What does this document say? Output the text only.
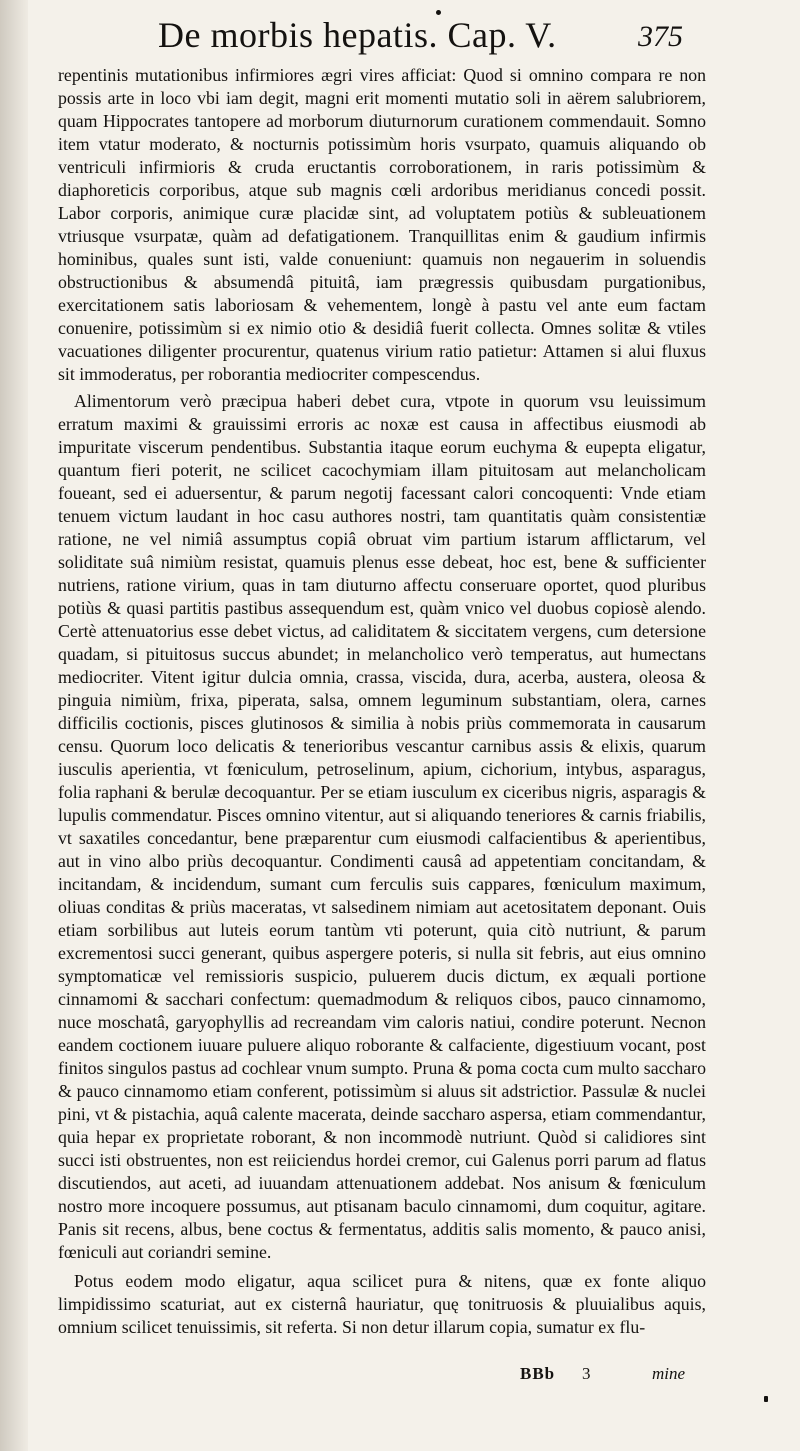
De morbis hepatis. Cap. V.	375

repentinis mutationibus infirmiores ægri vires afficiat: Quod si omnino compara re non possis arte in loco vbi iam degit, magni erit momenti mutatio soli in aërem salubriorem, quam Hippocrates tantopere ad morborum diuturnorum curationem commendauit. Somno item vtatur moderato, & nocturnis potissimùm horis vsurpato, quamuis aliquando ob ventriculi infirmioris & cruda eructantis corroborationem, in raris potissimùm & diaphoreticis corporibus, atque sub magnis cœli ardoribus meridianus concedi possit. Labor corporis, animique curæ placidæ sint, ad voluptatem potiùs & subleuationem vtriusque vsurpatæ, quàm ad defatigationem. Tranquillitas enim & gaudium infirmis hominibus, quales sunt isti, valde conueniunt: quamuis non negauerim in soluendis obstructionibus & absumendâ pituitâ, iam prægressis quibusdam purgationibus, exercitationem satis laboriosam & vehementem, longè à pastu vel ante eum factam conuenire, potissimùm si ex nimio otio & desidiâ fuerit collecta. Omnes solitæ & vtiles vacuationes diligenter procurentur, quatenus virium ratio patietur: Attamen si alui fluxus sit immoderatus, per roborantia mediocriter compescendus.

Alimentorum verò præcipua haberi debet cura, vtpote in quorum vsu leuissimum erratum maximi & grauissimi erroris ac noxæ est causa in affectibus eiusmodi ab impuritate viscerum pendentibus. Substantia itaque eorum euchyma & eupepta eligatur, quantum fieri poterit, ne scilicet cacochymiam illam pituitosam aut melancholicam foueant, sed ei aduersentur, & parum negotij facessant calori concoquenti: Vnde etiam tenuem victum laudant in hoc casu authores nostri, tam quantitatis quàm consistentiæ ratione, ne vel nimiâ assumptus copiâ obruat vim partium istarum afflictarum, vel soliditate suâ nimiùm resistat, quamuis plenus esse debeat, hoc est, bene & sufficienter nutriens, ratione virium, quas in tam diuturno affectu conseruare oportet, quod pluribus potiùs & quasi partitis pastibus assequendum est, quàm vnico vel duobus copiosè alendo. Certè attenuatorius esse debet victus, ad caliditatem & siccitatem vergens, cum detersione quadam, si pituitosus succus abundet; in melancholico verò temperatus, aut humectans mediocriter. Vitent igitur dulcia omnia, crassa, viscida, dura, acerba, austera, oleosa & pinguia nimiùm, frixa, piperata, salsa, omnem leguminum substantiam, olera, carnes difficilis coctionis, pisces glutinosos & similia à nobis priùs commemorata in causarum censu. Quorum loco delicatis & tenerioribus vescantur carnibus assis & elixis, quarum iusculis aperientia, vt fœniculum, petroselinum, apium, cichorium, intybus, asparagus, folia raphani & berulæ decoquantur. Per se etiam iusculum ex ciceribus nigris, asparagis & lupulis commendatur. Pisces omnino vitentur, aut si aliquando teneriores & carnis friabilis, vt saxatiles concedantur, bene præparentur cum eiusmodi calfacientibus & aperientibus, aut in vino albo priùs decoquantur. Condimenti causâ ad appetentiam concitandam, & incitandam, & incidendum, sumant cum ferculis suis cappares, fœniculum maximum, oliuas conditas & priùs maceratas, vt salsedinem nimiam aut acetositatem deponant. Ouis etiam sorbilibus aut luteis eorum tantùm vti poterunt, quia citò nutriunt, & parum excrementosi succi generant, quibus aspergere poteris, si nulla sit febris, aut eius omnino symptomaticæ vel remissioris suspicio, puluerem ducis dictum, ex æquali portione cinnamomi & sacchari confectum: quemadmodum & reliquos cibos, pauco cinnamomo, nuce moschatâ, garyophyllis ad recreandam vim caloris natiui, condire poterunt. Necnon eandem coctionem iuuare puluere aliquo roborante & calfaciente, digestiuum vocant, post finitos singulos pastus ad cochlear vnum sumpto. Pruna & poma cocta cum multo saccharo & pauco cinnamomo etiam conferent, potissimùm si aluus sit adstrictior. Passulæ & nuclei pini, vt & pistachia, aquâ calente macerata, deinde saccharo aspersa, etiam commendantur, quia hepar ex proprietate roborant, & non incommodè nutriunt. Quòd si calidiores sint succi isti obstruentes, non est reiiciendus hordei cremor, cui Galenus porri parum ad flatus discutiendos, aut aceti, ad iuuandam attenuationem addebat. Nos anisum & fœniculum nostro more incoquere possumus, aut ptisanam baculo cinnamomi, dum coquitur, agitare. Panis sit recens, albus, bene coctus & fermentatus, additis salis momento, & pauco anisi, fœniculi aut coriandri semine.

Potus eodem modo eligatur, aqua scilicet pura & nitens, quæ ex fonte aliquo limpidissimo scaturiat, aut ex cisternâ hauriatur, quę tonitruosis & pluuialibus aquis, omnium scilicet tenuissimis, sit referta. Si non detur illarum copia, sumatur ex flu-

BBb 3	mine
